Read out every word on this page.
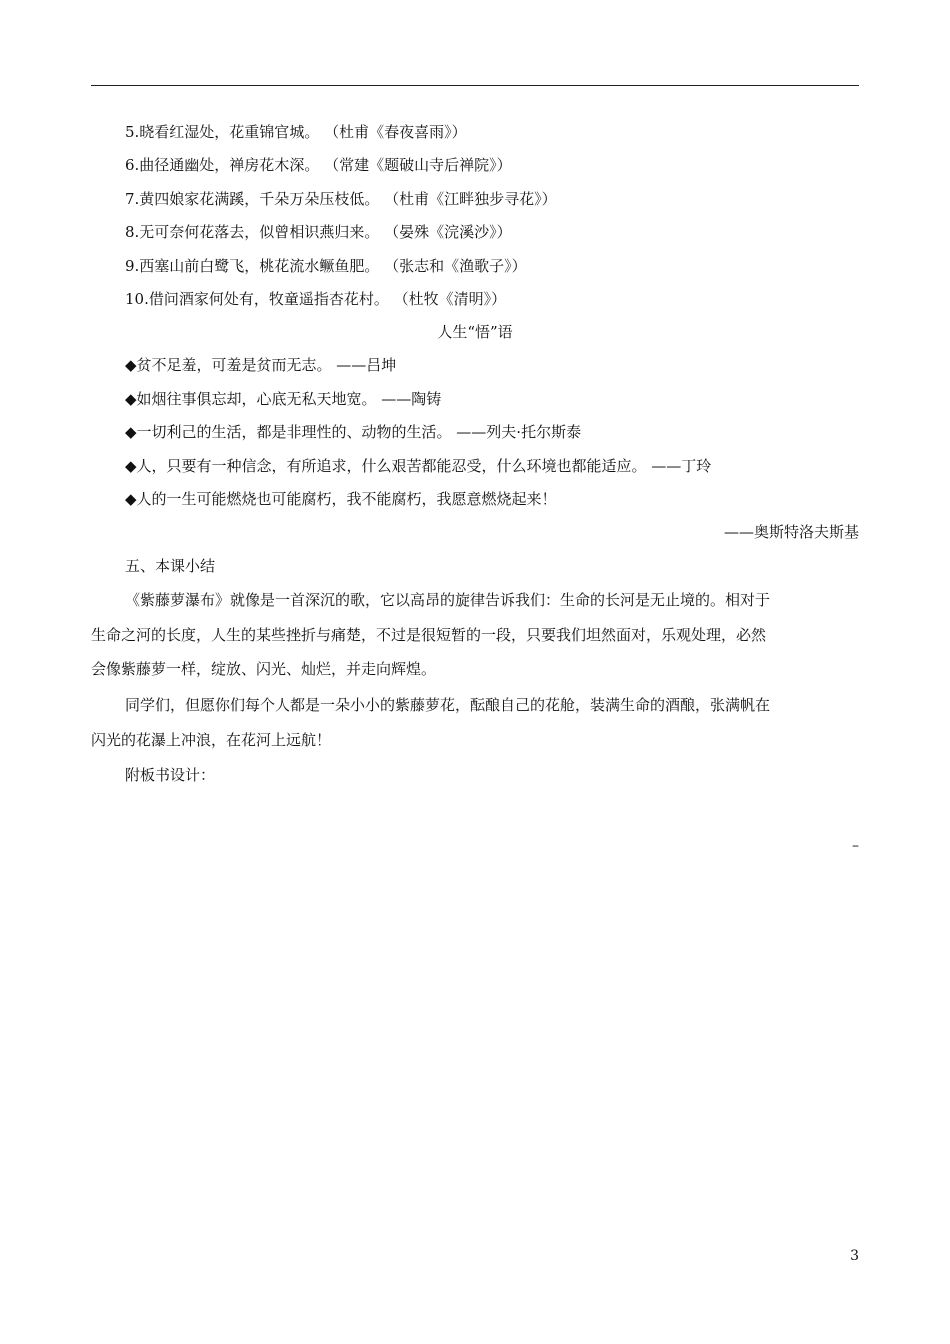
5.晓看红湿处，花重锦官城。 （杜甫《春夜喜雨》）
6.曲径通幽处，禅房花木深。 （常建《题破山寺后禅院》）
7.黄四娘家花满蹊，千朵万朵压枝低。 （杜甫《江畔独步寻花》）
8.无可奈何花落去，似曾相识燕归来。 （晏殊《浣溪沙》）
9.西塞山前白鹭飞，桃花流水鳜鱼肥。 （张志和《渔歌子》）
10.借问酒家何处有，牧童遥指杏花村。 （杜牧《清明》）
人生“悟”语
◆贫不足羞，可羞是贫而无志。 ——吕坤
◆如烟往事俱忘却，心底无私天地宽。 ——陶铸
◆一切利己的生活，都是非理性的、动物的生活。 ——列夫·托尔斯泰
◆人，只要有一种信念，有所追求，什么艰苦都能忍受，什么环境也都能适应。 ——丁玲
◆人的一生可能燃烧也可能腐朽，我不能腐朽，我愿意燃烧起来！
——奥斯特洛夫斯基
五、本课小结
《紫藤萝瀑布》就像是一首深沉的歌，它以高昂的旋律告诉我们：生命的长河是无止境的。相对于
生命之河的长度，人生的某些挫折与痛楚，不过是很短暂的一段，只要我们坦然面对，乐观处理，必然
会像紫藤萝一样，绽放、闪光、灿烂，并走向辉煌。
同学们，但愿你们每个人都是一朵小小的紫藤萝花，酝酿自己的花舱，装满生命的酒酿，张满帆在
闪光的花瀑上冲浪，在花河上远航！
附板书设计：
–
3
